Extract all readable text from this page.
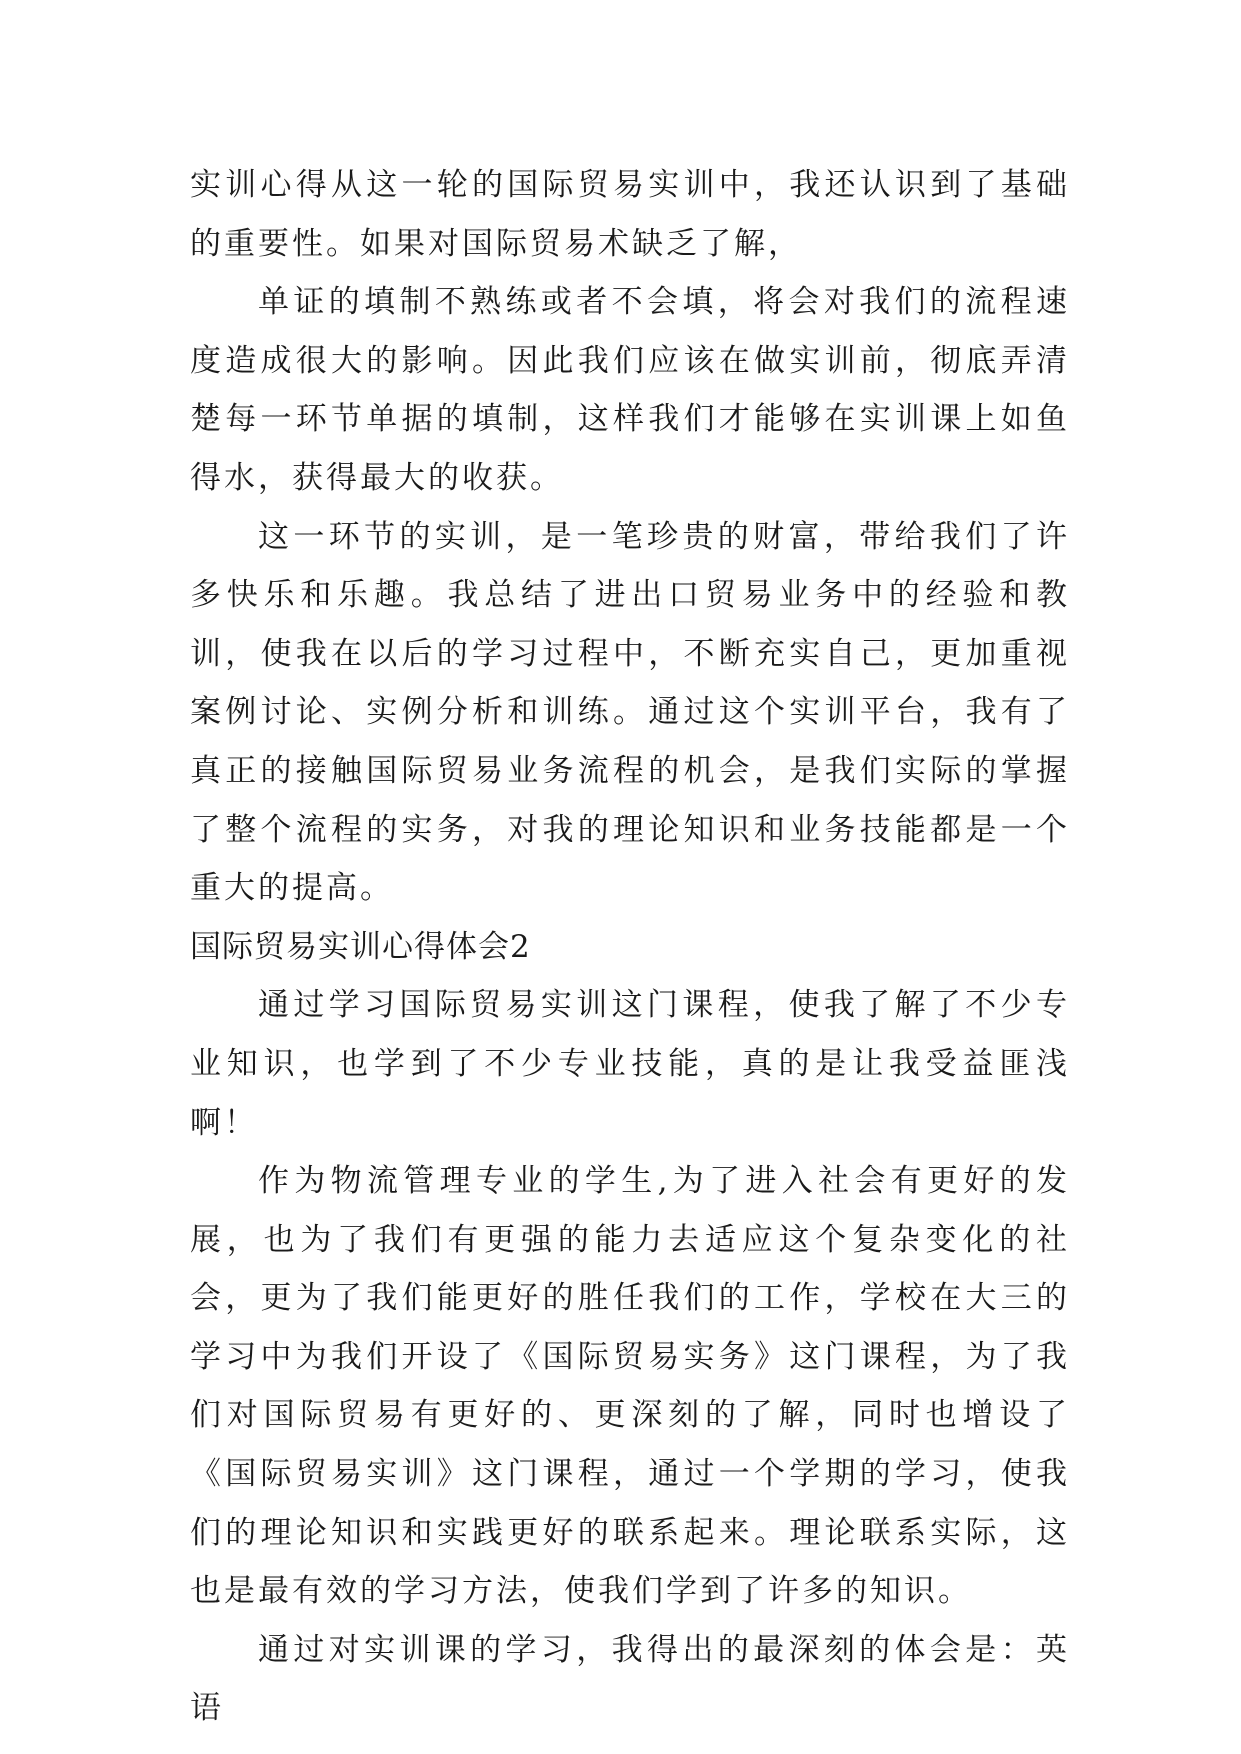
实训心得从这一轮的国际贸易实训中，我还认识到了基础的重要性。如果对国际贸易术缺乏了解，

单证的填制不熟练或者不会填，将会对我们的流程速度造成很大的影响。因此我们应该在做实训前，彻底弄清楚每一环节单据的填制，这样我们才能够在实训课上如鱼得水，获得最大的收获。

这一环节的实训，是一笔珍贵的财富，带给我们了许多快乐和乐趣。我总结了进出口贸易业务中的经验和教训，使我在以后的学习过程中，不断充实自己，更加重视案例讨论、实例分析和训练。通过这个实训平台，我有了真正的接触国际贸易业务流程的机会，是我们实际的掌握了整个流程的实务，对我的理论知识和业务技能都是一个重大的提高。

国际贸易实训心得体会2

通过学习国际贸易实训这门课程，使我了解了不少专业知识，也学到了不少专业技能，真的是让我受益匪浅啊！

作为物流管理专业的学生,为了进入社会有更好的发展，也为了我们有更强的能力去适应这个复杂变化的社会，更为了我们能更好的胜任我们的工作，学校在大三的学习中为我们开设了《国际贸易实务》这门课程，为了我们对国际贸易有更好的、更深刻的了解，同时也增设了《国际贸易实训》这门课程，通过一个学期的学习，使我们的理论知识和实践更好的联系起来。理论联系实际，这也是最有效的学习方法，使我们学到了许多的知识。

通过对实训课的学习，我得出的最深刻的体会是：英语
